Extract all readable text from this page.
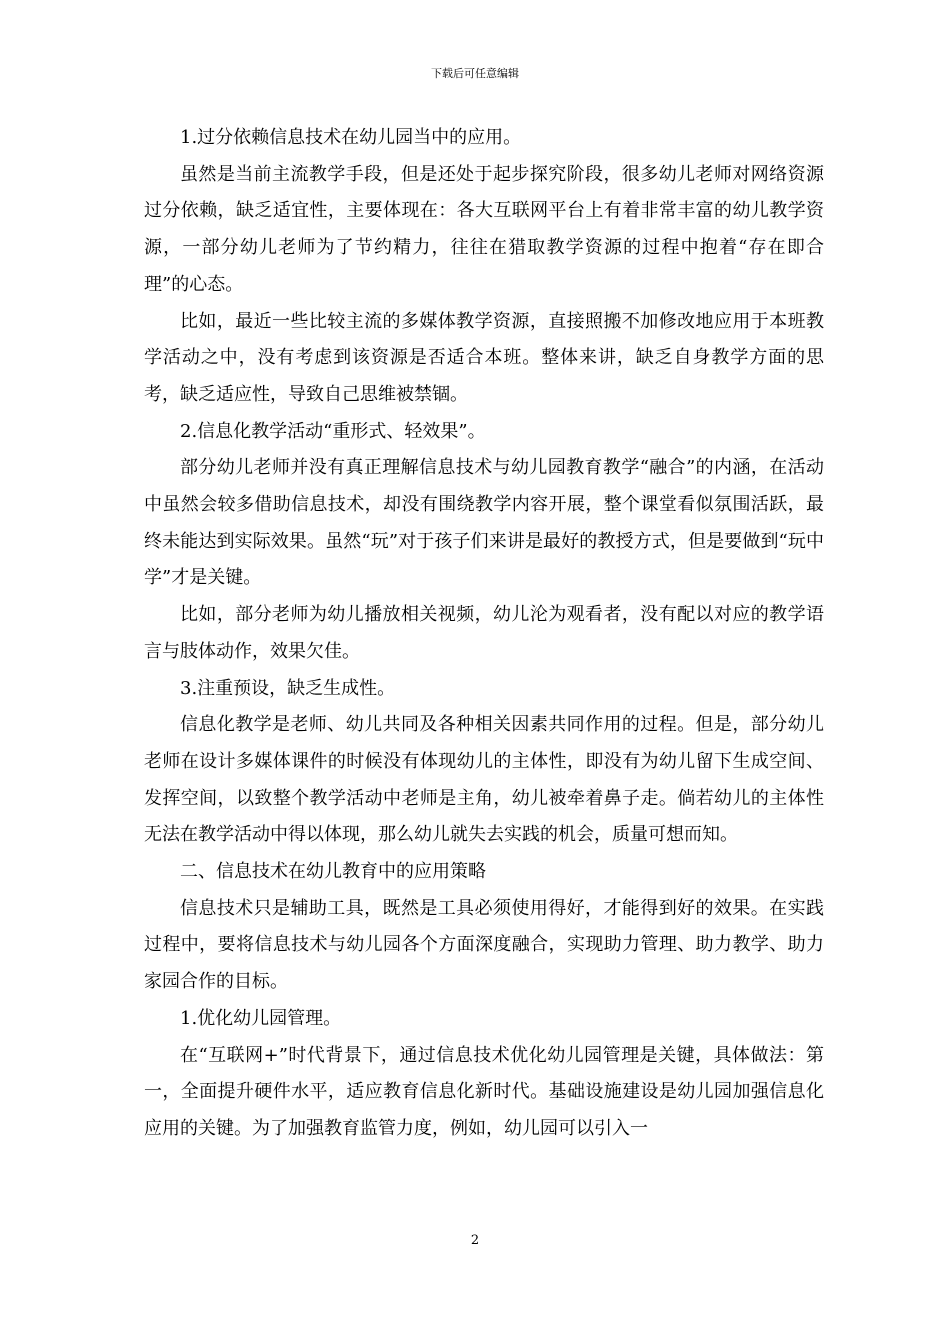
下载后可任意编辑

1.过分依赖信息技术在幼儿园当中的应用。

虽然是当前主流教学手段，但是还处于起步探究阶段，很多幼儿老师对网络资源过分依赖，缺乏适宜性，主要体现在：各大互联网平台上有着非常丰富的幼儿教学资源，一部分幼儿老师为了节约精力，往往在猎取教学资源的过程中抱着“存在即合理”的心态。

比如，最近一些比较主流的多媒体教学资源，直接照搬不加修改地应用于本班教学活动之中，没有考虑到该资源是否适合本班。整体来讲，缺乏自身教学方面的思考，缺乏适应性，导致自己思维被禁锢。

2.信息化教学活动“重形式、轻效果”。

部分幼儿老师并没有真正理解信息技术与幼儿园教育教学“融合”的内涵，在活动中虽然会较多借助信息技术，却没有围绕教学内容开展，整个课堂看似氛围活跃，最终未能达到实际效果。虽然“玩”对于孩子们来讲是最好的教授方式，但是要做到“玩中学”才是关键。

比如，部分老师为幼儿播放相关视频，幼儿沦为观看者，没有配以对应的教学语言与肢体动作，效果欠佳。

3.注重预设，缺乏生成性。

信息化教学是老师、幼儿共同及各种相关因素共同作用的过程。但是，部分幼儿老师在设计多媒体课件的时候没有体现幼儿的主体性，即没有为幼儿留下生成空间、发挥空间，以致整个教学活动中老师是主角，幼儿被牵着鼻子走。倘若幼儿的主体性无法在教学活动中得以体现，那么幼儿就失去实践的机会，质量可想而知。

二、信息技术在幼儿教育中的应用策略

信息技术只是辅助工具，既然是工具必须使用得好，才能得到好的效果。在实践过程中，要将信息技术与幼儿园各个方面深度融合，实现助力管理、助力教学、助力家园合作的目标。

1.优化幼儿园管理。

在“互联网+”时代背景下，通过信息技术优化幼儿园管理是关键，具体做法：第一，全面提升硬件水平，适应教育信息化新时代。基础设施建设是幼儿园加强信息化应用的关键。为了加强教育监管力度，例如，幼儿园可以引入一

2
